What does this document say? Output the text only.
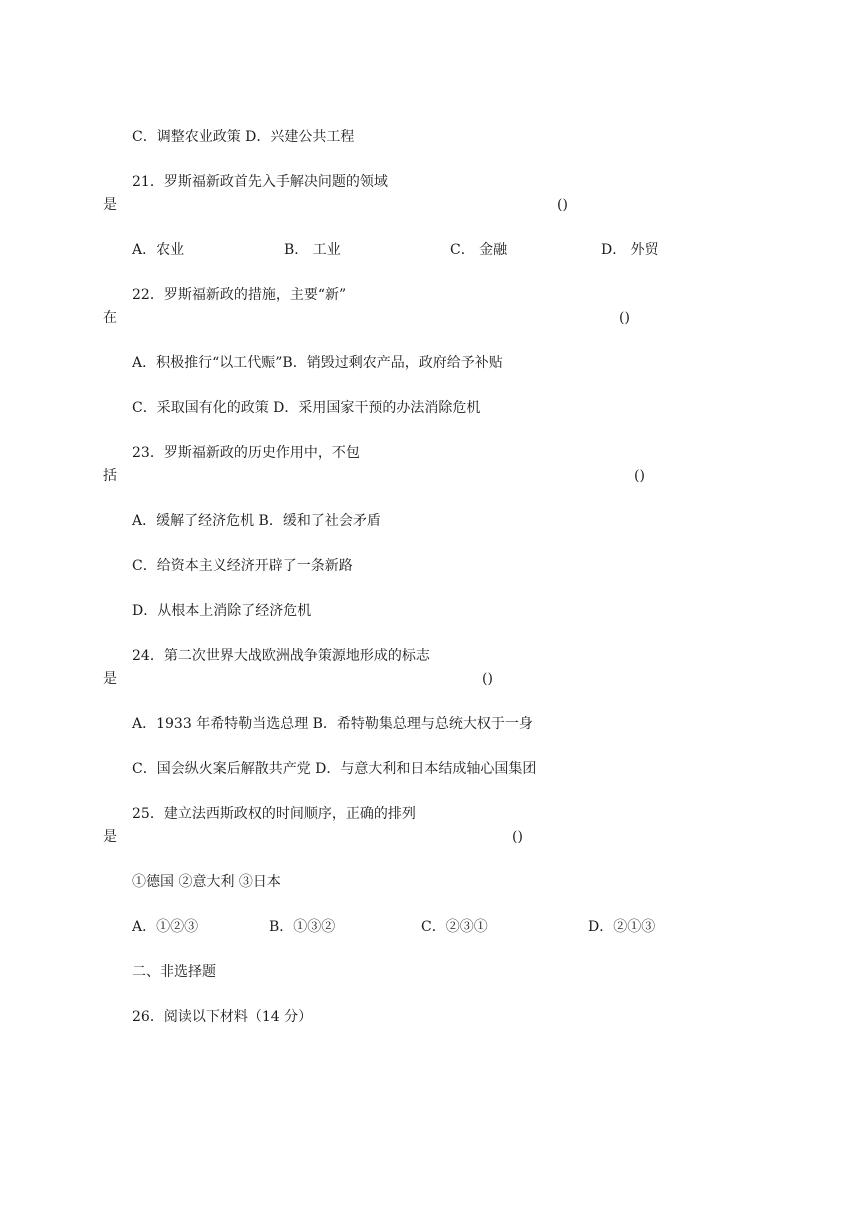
C．调整农业政策 D．兴建公共工程
21．罗斯福新政首先入手解决问题的领域
是	()
A．农业	B． 工业	C． 金融	D． 外贸
22．罗斯福新政的措施，主要“新”
在	()
A．积极推行“以工代赈”B．销毁过剩农产品，政府给予补贴
C．采取国有化的政策 D．采用国家干预的办法消除危机
23．罗斯福新政的历史作用中，不包
括	()
A．缓解了经济危机 B．缓和了社会矛盾
C．给资本主义经济开辟了一条新路
D．从根本上消除了经济危机
24．第二次世界大战欧洲战争策源地形成的标志
是	()
A．1933 年希特勒当选总理 B．希特勒集总理与总统大权于一身
C．国会纵火案后解散共产党 D．与意大利和日本结成轴心国集团
25．建立法西斯政权的时间顺序，正确的排列
是	()
①德国 ②意大利 ③日本
A．①②③	B．①③②	C．②③①	D．②①③
二、非选择题
26．阅读以下材料（14 分）
